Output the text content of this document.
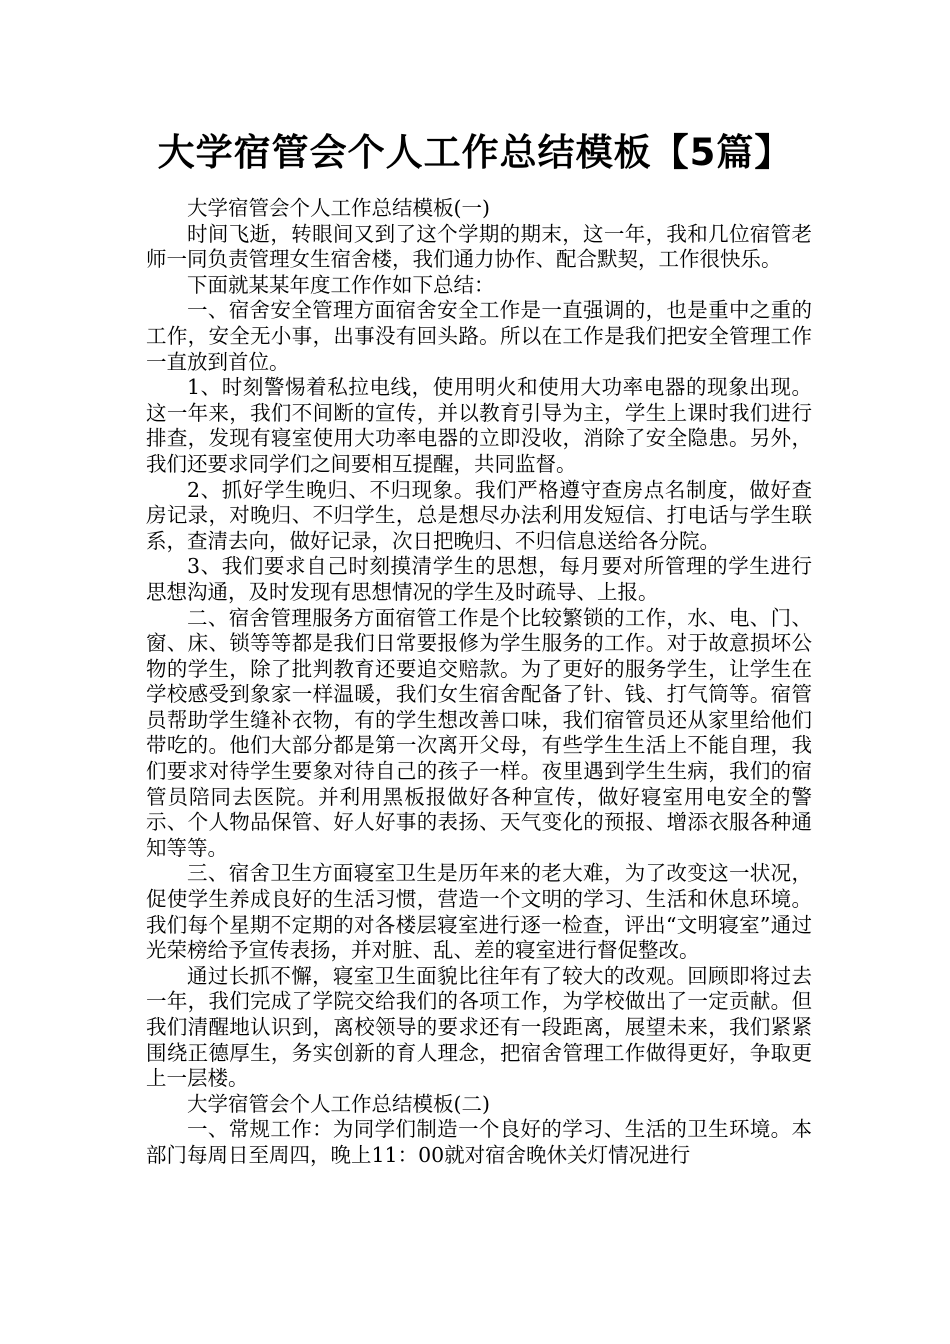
大学宿管会个人工作总结模板【5篇】

大学宿管会个人工作总结模板(一)

时间飞逝，转眼间又到了这个学期的期末，这一年，我和几位宿管老师一同负责管理女生宿舍楼，我们通力协作、配合默契，工作很快乐。

下面就某某年度工作作如下总结：

一、宿舍安全管理方面宿舍安全工作是一直强调的，也是重中之重的工作，安全无小事，出事没有回头路。所以在工作是我们把安全管理工作一直放到首位。

1、时刻警惕着私拉电线，使用明火和使用大功率电器的现象出现。这一年来，我们不间断的宣传，并以教育引导为主，学生上课时我们进行排查，发现有寝室使用大功率电器的立即没收，消除了安全隐患。另外，我们还要求同学们之间要相互提醒，共同监督。

2、抓好学生晚归、不归现象。我们严格遵守查房点名制度，做好查房记录，对晚归、不归学生，总是想尽办法利用发短信、打电话与学生联系，查清去向，做好记录，次日把晚归、不归信息送给各分院。

3、我们要求自己时刻摸清学生的思想，每月要对所管理的学生进行思想沟通，及时发现有思想情况的学生及时疏导、上报。

二、宿舍管理服务方面宿管工作是个比较繁锁的工作，水、电、门、窗、床、锁等等都是我们日常要报修为学生服务的工作。对于故意损坏公物的学生，除了批判教育还要追交赔款。为了更好的服务学生，让学生在学校感受到象家一样温暖，我们女生宿舍配备了针、钱、打气筒等。宿管员帮助学生缝补衣物，有的学生想改善口味，我们宿管员还从家里给他们带吃的。他们大部分都是第一次离开父母，有些学生生活上不能自理，我们要求对待学生要象对待自己的孩子一样。夜里遇到学生生病，我们的宿管员陪同去医院。并利用黑板报做好各种宣传，做好寝室用电安全的警示、个人物品保管、好人好事的表扬、天气变化的预报、增添衣服各种通知等等。

三、宿舍卫生方面寝室卫生是历年来的老大难，为了改变这一状况，促使学生养成良好的生活习惯，营造一个文明的学习、生活和休息环境。我们每个星期不定期的对各楼层寝室进行逐一检查，评出“文明寝室”通过光荣榜给予宣传表扬，并对脏、乱、差的寝室进行督促整改。

通过长抓不懈，寝室卫生面貌比往年有了较大的改观。回顾即将过去一年，我们完成了学院交给我们的各项工作，为学校做出了一定贡献。但我们清醒地认识到，离校领导的要求还有一段距离，展望未来，我们紧紧围绕正德厚生，务实创新的育人理念，把宿舍管理工作做得更好，争取更上一层楼。

大学宿管会个人工作总结模板(二)

一、常规工作：为同学们制造一个良好的学习、生活的卫生环境。本部门每周日至周四，晚上11：00就对宿舍晚休关灯情况进行
